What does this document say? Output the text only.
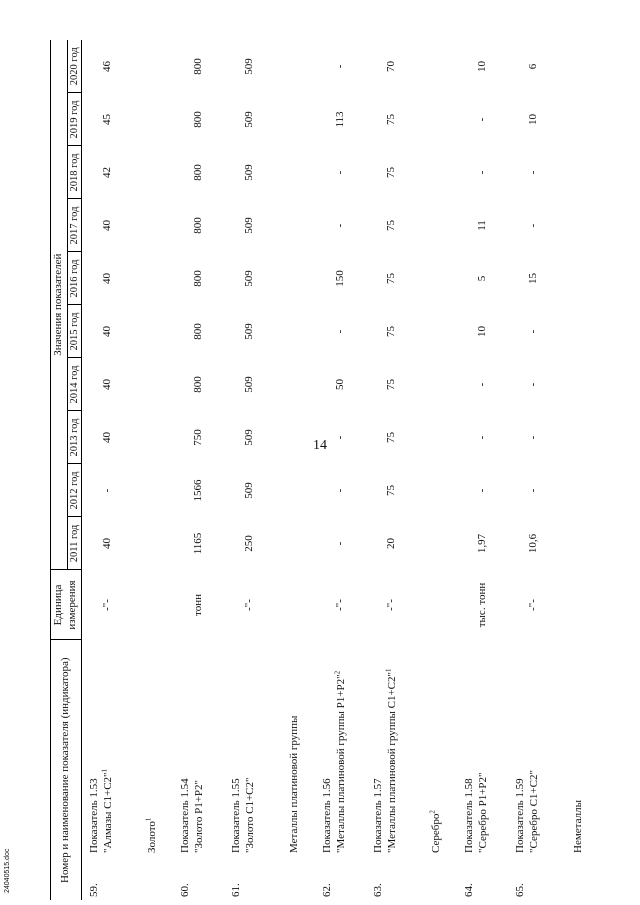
14
Номер и наименование показателя (индикатора)		Единица измерения	Значения показателей									
			2011 год	2012 год	2013 год	2014 год	2015 год	2016 год	2017 год	2018 год	2019 год	2020 год
59.	Показатель 1.53 "Алмазы С1+С2"$^1$	-"-	40	-	40	40	40	40	40	42	45	46
	Золото$^1$
60.	Показатель 1.54 "Золото Р1+Р2"	тонн	1165	1566	750	800	800	800	800	800	800	800
61.	Показатель 1.55 "Золото С1+С2"	-"-	250	509	509	509	509	509	509	509	509	509
	Металлы платиновой группы											
62.	Показатель 1.56 "Металлы платиновой группы Р1+Р2"$^2$	-"-	-	-	-	50	-	150	-	-	113	-
63.	Показатель 1.57 "Металлы платиновой группы С1+С2"$^1$	-"-	20	75	75	75	75	75	75	75	75	70
	Серебро$^2$
64.	Показатель 1.58 "Серебро Р1+Р2"	тыс. тонн	1,97	-	-	-	10	5	11	-	-	10
65.	Показатель 1.59 "Серебро С1+С2"	-"-	10,6	-	-	-	-	15	-	-	10	6
	Неметаллы											
24040515.doc
